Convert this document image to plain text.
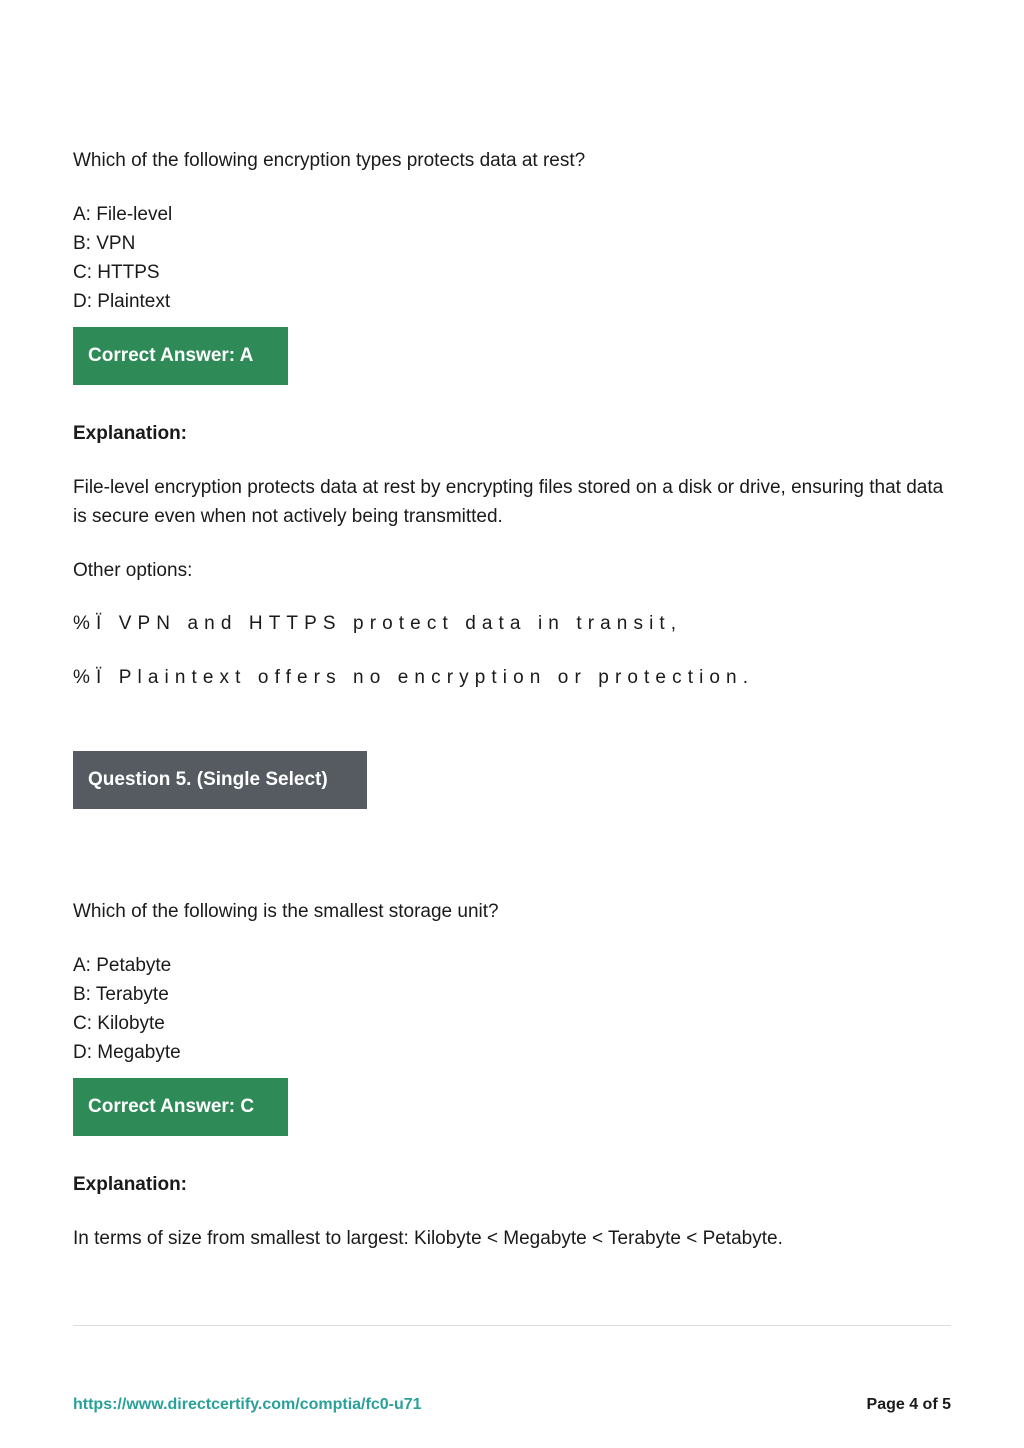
Which of the following encryption types protects data at rest?
A: File-level
B: VPN
C: HTTPS
D: Plaintext
Correct Answer: A
Explanation:
File-level encryption protects data at rest by encrypting files stored on a disk or drive, ensuring that data is secure even when not actively being transmitted.
Other options:
%Ï VPN and HTTPS protect data in transit,
%Ï Plaintext offers no encryption or protection.
Question 5. (Single Select)
Which of the following is the smallest storage unit?
A: Petabyte
B: Terabyte
C: Kilobyte
D: Megabyte
Correct Answer: C
Explanation:
In terms of size from smallest to largest: Kilobyte < Megabyte < Terabyte < Petabyte.
https://www.directcertify.com/comptia/fc0-u71	Page 4 of 5
